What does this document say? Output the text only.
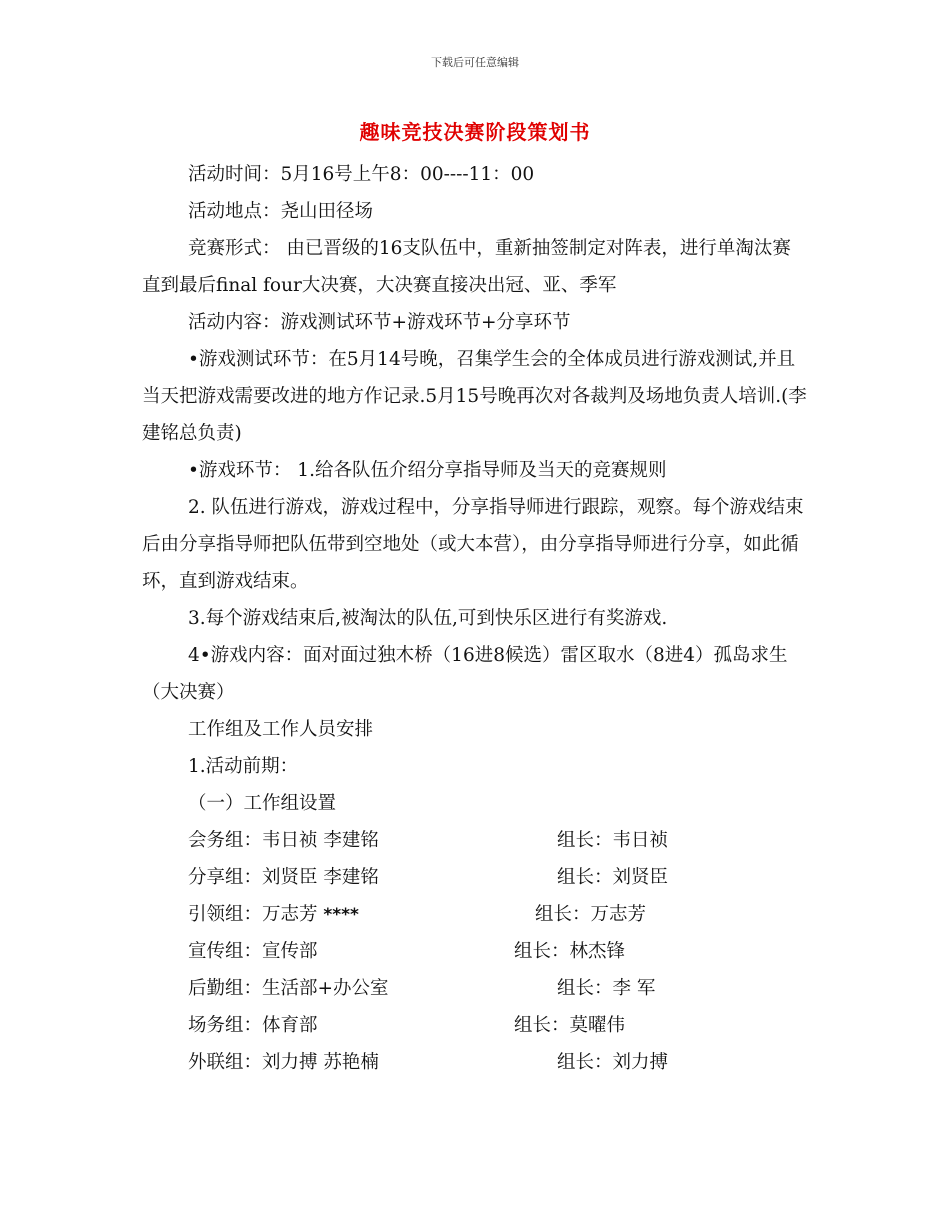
下载后可任意编辑
趣味竞技决赛阶段策划书

活动时间：5月16号上午8：00----11：00

活动地点：尧山田径场

竞赛形式： 由已晋级的16支队伍中，重新抽签制定对阵表，进行单淘汰赛直到最后final four大决赛，大决赛直接决出冠、亚、季军

活动内容：游戏测试环节+游戏环节+分享环节

•游戏测试环节：在5月14号晚，召集学生会的全体成员进行游戏测试,并且当天把游戏需要改进的地方作记录.5月15号晚再次对各裁判及场地负责人培训.(李建铭总负责)

•游戏环节： 1.给各队伍介绍分享指导师及当天的竞赛规则

2. 队伍进行游戏，游戏过程中，分享指导师进行跟踪，观察。每个游戏结束后由分享指导师把队伍带到空地处（或大本营），由分享指导师进行分享，如此循环，直到游戏结束。

3.每个游戏结束后,被淘汰的队伍,可到快乐区进行有奖游戏.

4•游戏内容：面对面过独木桥（16进8候选）雷区取水（8进4）孤岛求生（大决赛）

工作组及工作人员安排

1.活动前期：

（一）工作组设置

会务组：韦日祯 李建铭	组长：韦日祯
分享组：刘贤臣 李建铭	组长：刘贤臣
引领组：万志芳 ****	组长：万志芳
宣传组：宣传部	组长：林杰锋
后勤组：生活部+办公室	组长：李 军
场务组：体育部	组长：莫曜伟
外联组：刘力搏 苏艳楠	组长：刘力搏
